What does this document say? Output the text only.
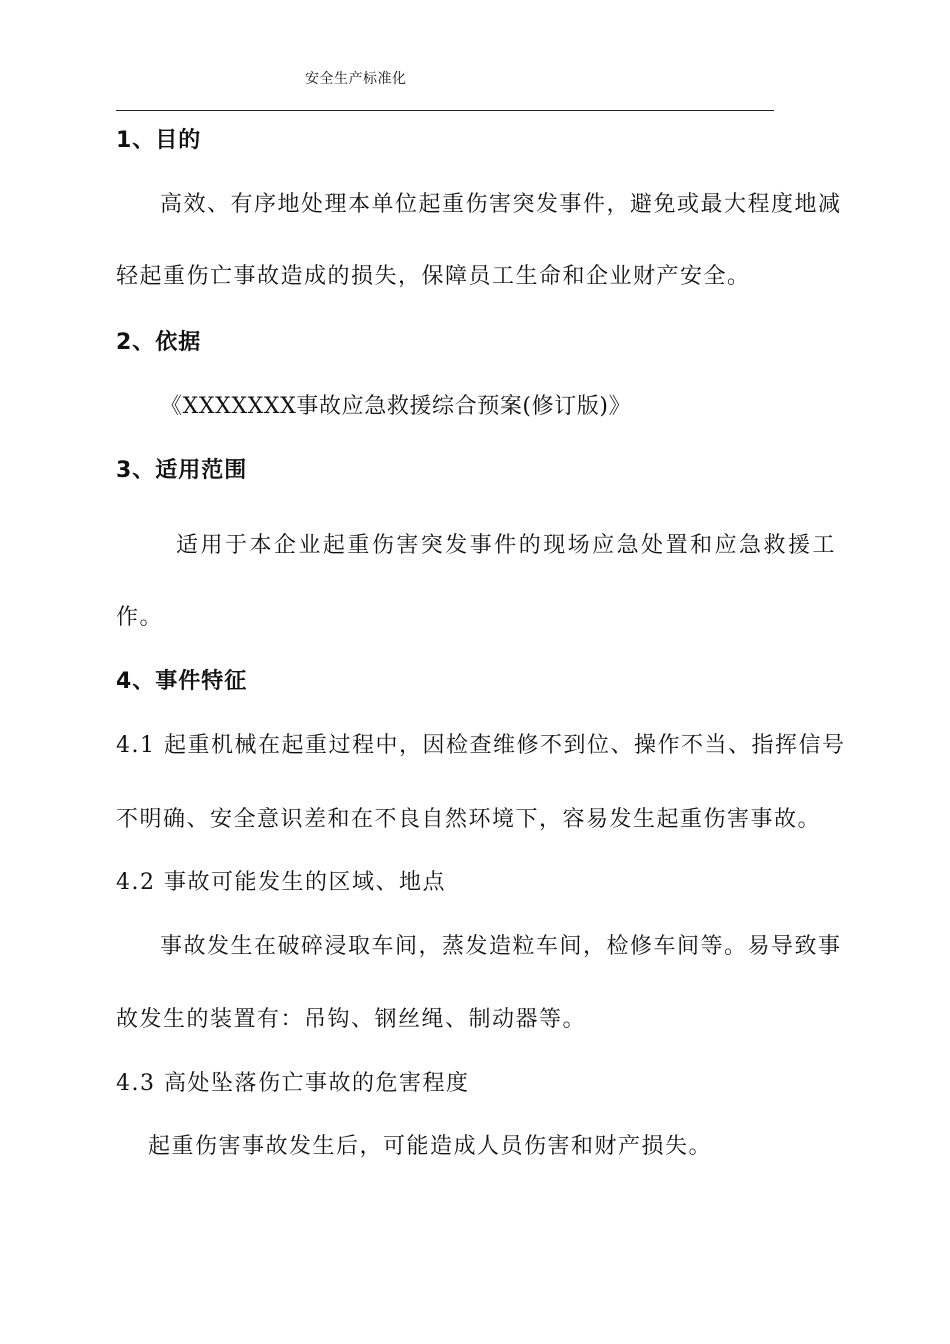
安全生产标准化
1、目的
高效、有序地处理本单位起重伤害突发事件，避免或最大程度地减
轻起重伤亡事故造成的损失，保障员工生命和企业财产安全。
2、依据
《XXXXXXX事故应急救援综合预案(修订版)》
3、适用范围
适用于本企业起重伤害突发事件的现场应急处置和应急救援工
作。
4、事件特征
4.1 起重机械在起重过程中，因检查维修不到位、操作不当、指挥信号
不明确、安全意识差和在不良自然环境下，容易发生起重伤害事故。
4.2 事故可能发生的区域、地点
事故发生在破碎浸取车间，蒸发造粒车间，检修车间等。易导致事
故发生的装置有：吊钩、钢丝绳、制动器等。
4.3 高处坠落伤亡事故的危害程度
起重伤害事故发生后，可能造成人员伤害和财产损失。
